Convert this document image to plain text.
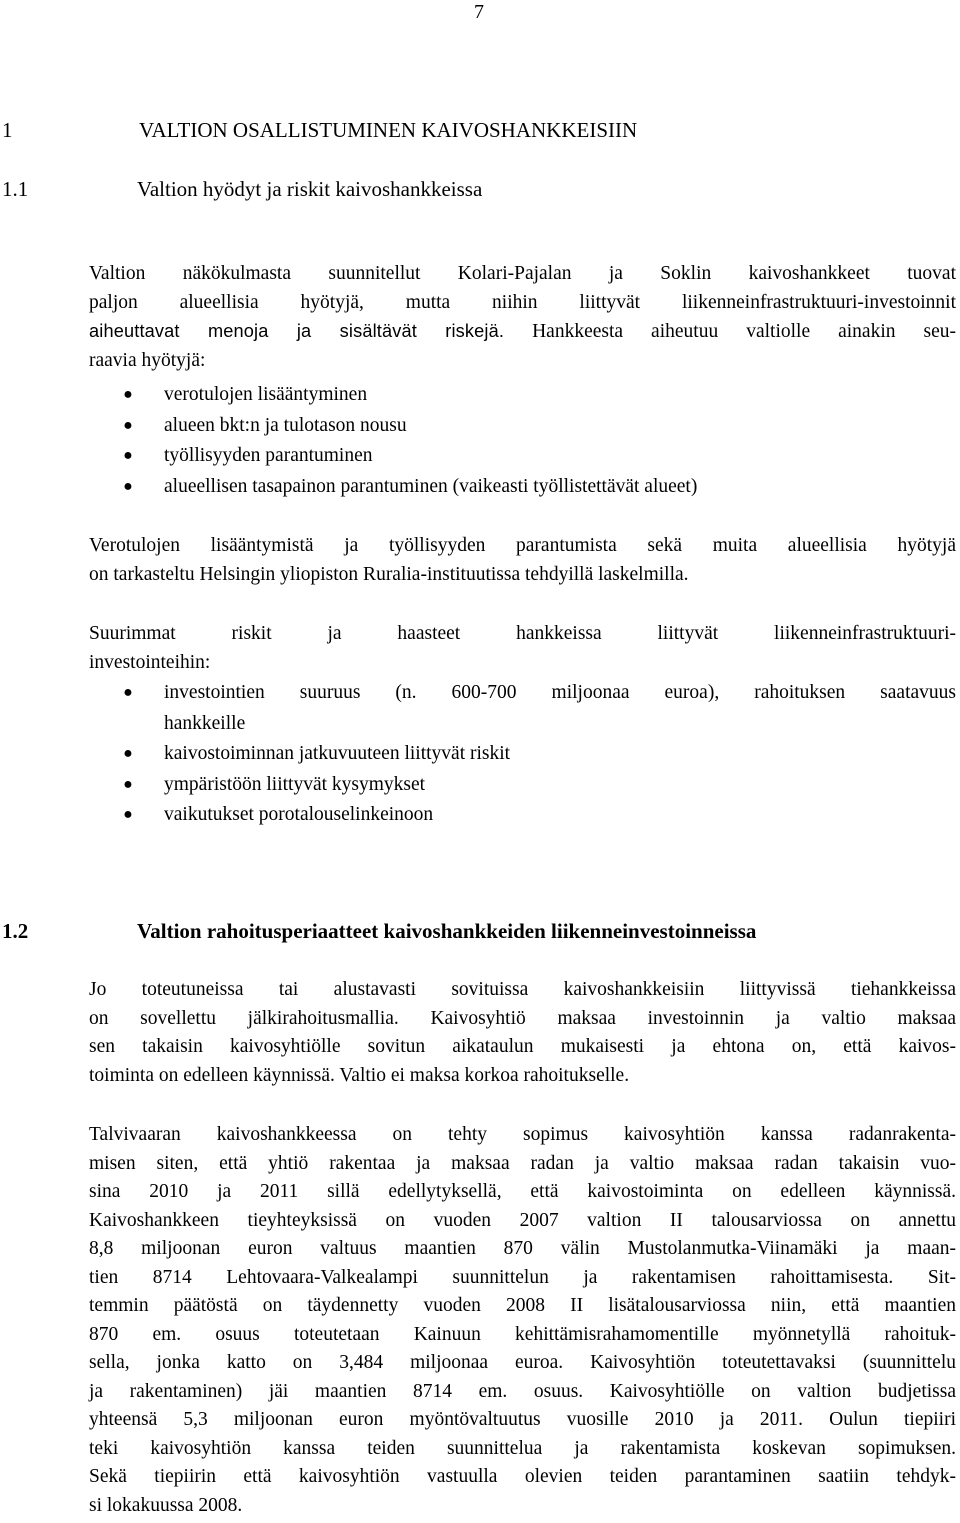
7
1	VALTION OSALLISTUMINEN KAIVOSHANKKEISIIN
1.1	Valtion hyödyt ja riskit kaivoshankkeissa
Valtion näkökulmasta suunnitellut Kolari-Pajalan ja Soklin kaivoshankkeet tuovat
paljon alueellisia hyötyjä, mutta niihin liittyvät liikenneinfrastruktuuri-investoinnit
aiheuttavat menoja ja sisältävät riskejä. Hankkeesta aiheutuu valtiolle ainakin seu-
raavia hyötyjä:
● verotulojen lisääntyminen
● alueen bkt:n ja tulotason nousu
● työllisyyden parantuminen
● alueellisen tasapainon parantuminen (vaikeasti työllistettävät alueet)
Verotulojen lisääntymistä ja työllisyyden parantumista sekä muita alueellisia hyötyjä
on tarkasteltu Helsingin yliopiston Ruralia-instituutissa tehdyillä laskelmilla.
Suurimmat riskit ja haasteet hankkeissa liittyvät liikenneinfrastruktuuri-
investointeihin:
● investointien suuruus (n. 600-700 miljoonaa euroa), rahoituksen saatavuus
hankkeille
● kaivostoiminnan jatkuvuuteen liittyvät riskit
● ympäristöön liittyvät kysymykset
● vaikutukset porotalouselinkeinoon
1.2	Valtion rahoitusperiaatteet kaivoshankkeiden liikenneinvestoinneissa
Jo toteutuneissa tai alustavasti sovituissa kaivoshankkeisiin liittyvissä tiehankkeissa
on sovellettu jälkirahoitusmallia. Kaivosyhtiö maksaa investoinnin ja valtio maksaa
sen takaisin kaivosyhtiölle sovitun aikataulun mukaisesti ja ehtona on, että kaivos-
toiminta on edelleen käynnissä. Valtio ei maksa korkoa rahoitukselle.
Talvivaaran kaivoshankkeessa on tehty sopimus kaivosyhtiön kanssa radanrakenta-
misen siten, että yhtiö rakentaa ja maksaa radan ja valtio maksaa radan takaisin vuo-
sina 2010 ja 2011 sillä edellytyksellä, että kaivostoiminta on edelleen käynnissä.
Kaivoshankkeen tieyhteyksissä on vuoden 2007 valtion II talousarviossa on annettu
8,8 miljoonan euron valtuus maantien 870 välin Mustolanmutka-Viinamäki ja maan-
tien 8714 Lehtovaara-Valkealampi suunnittelun ja rakentamisen rahoittamisesta. Sit-
temmin päätöstä on täydennetty vuoden 2008 II lisätalousarviossa niin, että maantien
870 em. osuus toteutetaan Kainuun kehittämisrahamomentille myönnetyllä rahoituk-
sella, jonka katto on 3,484 miljoonaa euroa. Kaivosyhtiön toteutettavaksi (suunnittelu
ja rakentaminen) jäi maantien 8714 em. osuus. Kaivosyhtiölle on valtion budjetissa
yhteensä 5,3 miljoonan euron myöntövaltuutus vuosille 2010 ja 2011. Oulun tiepiiri
teki kaivosyhtiön kanssa teiden suunnittelua ja rakentamista koskevan sopimuksen.
Sekä tiepiirin että kaivosyhtiön vastuulla olevien teiden parantaminen saatiin tehdyk-
si lokakuussa 2008.
